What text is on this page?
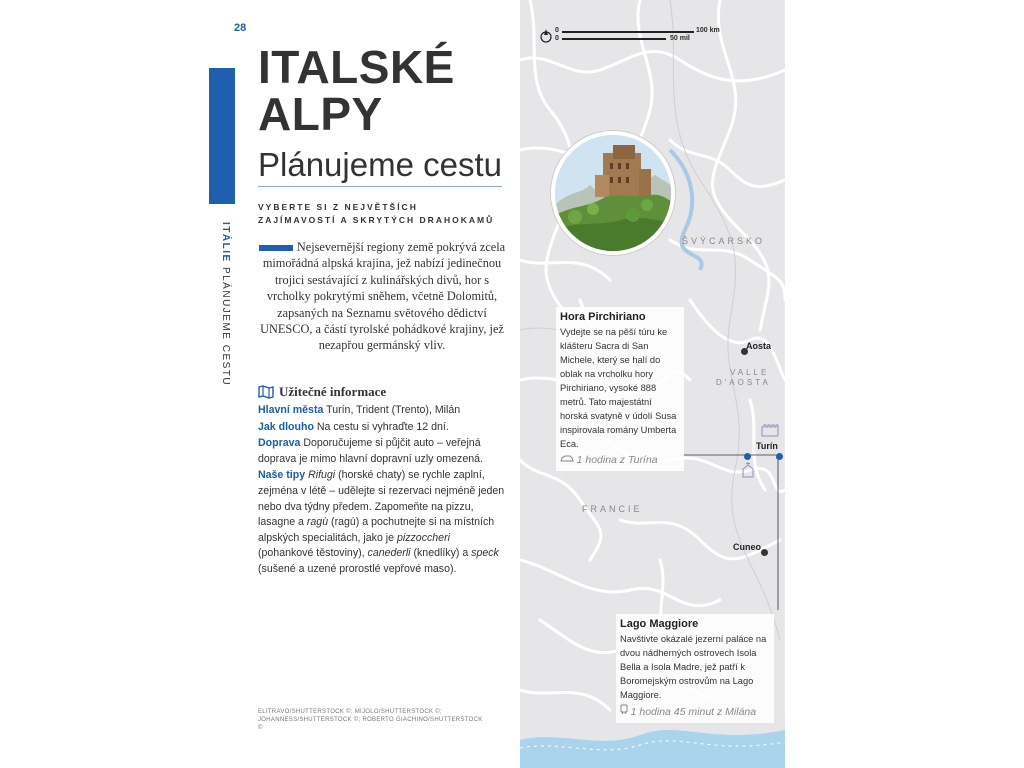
28
ITÁLIE PLÁNUJEME CESTU
ITALSKÉ
ALPY
Plánujeme cestu
VYBERTE SI Z NEJVĚTŠÍCH
ZAJÍMAVOSTÍ A SKRYTÝCH DRAHOKAMŮ
Nejsevernější regiony země pokrývá zcela mimořádná alpská krajina, jež nabízí jedinečnou trojici sestávající z kulinářských divů, hor s vrcholky pokrytými sněhem, včetně Dolomitů, zapsaných na Seznamu světového dědictví UNESCO, a částí tyrolské pohádkové krajiny, jež nezapřou germánský vliv.
Užitečné informace

Hlavní města Turín, Trident (Trento), Milán

Jak dlouho Na cestu si vyhraďte 12 dní.

Doprava Doporučujeme si půjčit auto – veřejná doprava je mimo hlavní dopravní uzly omezená.

Naše tipy Rifugi (horské chaty) se rychle zaplní, zejména v létě – udělejte si rezervaci nejméně jeden nebo dva týdny předem. Zapomeňte na pizzu, lasagne a ragù (ragú) a pochutnejte si na místních alpských specialitách, jako je pizzoccheri (pohankové těstoviny), canederli (knedlíky) a speck (sušené a uzené prorostlé vepřové maso).

ELITRAVO/SHUTTERSTOCK ©; MIJOLO/SHUTTERSTOCK ©;
JOHANNESS/SHUTTERSTOCK ©; ROBERTO GIACHINO/SHUTTERSTOCK ©
0
0
100 km
50 mil
ŠVÝCARSKO
FRANCIE
VALLE
D'AOSTA
Aosta
Turín
Cuneo
Hora Pirchiriano
Vydejte se na pěší túru ke klášteru Sacra di San Michele, který se halí do oblak na vrcholku hory Pirchiriano, vysoké 888 metrů. Tato majestátní horská svatyně v údolí Susa inspirovala romány Umberta Eca.
1 hodina z Turína
Lago Maggiore
Navštivte okázalé jezerní paláce na dvou nádherných ostrovech Isola Bella a Isola Madre, jež patří k Boromejským ostrovům na Lago Maggiore.
1 hodina 45 minut z Milána
